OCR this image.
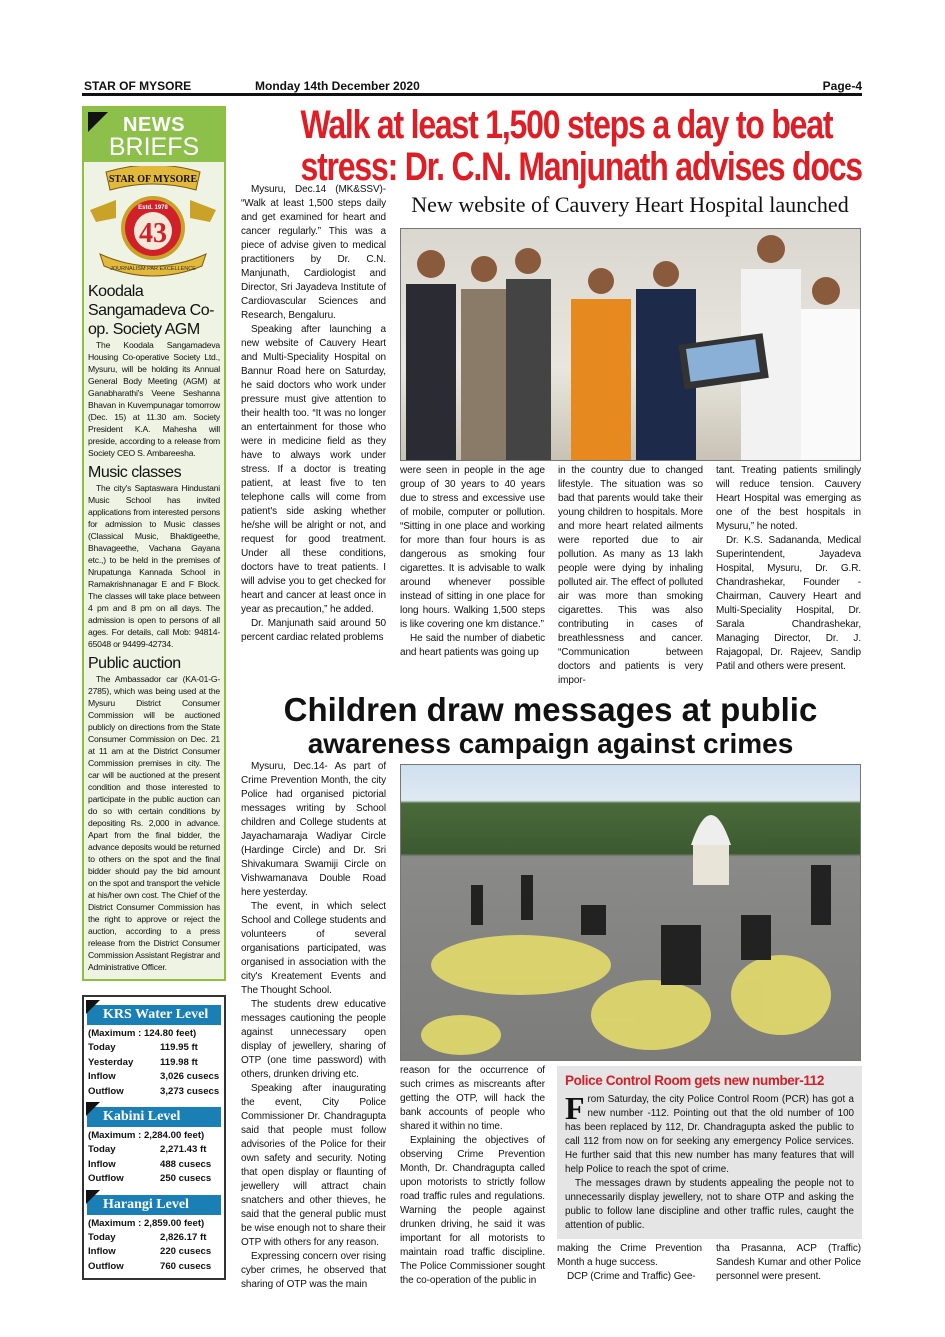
STAR OF MYSORE	Monday 14th December 2020	Page-4
NEWS
BRIEFS
STAR OF MYSORE
Estd. 1978
43
JOURNALISM PAR EXCELLENCE
Koodala Sangamadeva Co-op. Society AGM

The Koodala Sangamadeva Housing Co-operative Society Ltd., Mysuru, will be holding its Annual General Body Meeting (AGM) at Ganabharathi's Veene Seshanna Bhavan in Kuvempunagar tomorrow (Dec. 15) at 11.30 am. Society President K.A. Mahesha will preside, according to a release from Society CEO S. Ambareesha.

Music classes

The city's Saptaswara Hindustani Music School has invited applications from interested persons for admission to Music classes (Classical Music, Bhaktigeethe, Bhavageethe, Vachana Gayana etc.,) to be held in the premises of Nrupatunga Kannada School in Ramakrishnanagar E and F Block. The classes will take place between 4 pm and 8 pm on all days. The admission is open to persons of all ages. For details, call Mob: 94814-65048 or 94499-42734.

Public auction

The Ambassador car (KA-01-G-2785), which was being used at the Mysuru District Consumer Commission will be auctioned publicly on directions from the State Consumer Commission on Dec. 21 at 11 am at the District Consumer Commission premises in city. The car will be auctioned at the present condition and those interested to participate in the public auction can do so with certain conditions by depositing Rs. 2,000 in advance. Apart from the final bidder, the advance deposits would be returned to others on the spot and the final bidder should pay the bid amount on the spot and transport the vehicle at his/her own cost. The Chief of the District Consumer Commission has the right to approve or reject the auction, according to a press release from the District Consumer Commission Assistant Registrar and Administrative Officer.

KRS Water Level
(Maximum : 124.80 feet)
Today	119.95 ft
Yesterday	119.98 ft
Inflow	3,026 cusecs
Outflow	3,273 cusecs
Kabini Level
(Maximum : 2,284.00 feet)
Today	2,271.43 ft
Inflow	488 cusecs
Outflow	250 cusecs
Harangi Level
(Maximum : 2,859.00 feet)
Today	2,826.17 ft
Inflow	220 cusecs
Outflow	760 cusecs
Walk at least 1,500 steps a day to beat
stress: Dr. C.N. Manjunath advises docs

Mysuru, Dec.14 (MK&SSV)- “Walk at least 1,500 steps daily and get examined for heart and cancer regularly.” This was a piece of advise given to medical practitioners by Dr. C.N. Manjunath, Cardiologist and Director, Sri Jayadeva Institute of Cardiovascular Sciences and Research, Bengaluru.

Speaking after launching a new website of Cauvery Heart and Multi-Speciality Hospital on Bannur Road here on Saturday, he said doctors who work under pressure must give attention to their health too. “It was no longer an entertainment for those who were in medicine field as they have to always work under stress. If a doctor is treating patient, at least five to ten telephone calls will come from patient's side asking whether he/she will be alright or not, and request for good treatment. Under all these conditions, doctors have to treat patients. I will advise you to get checked for heart and cancer at least once in year as precaution,” he added.

Dr. Manjunath said around 50 percent cardiac related problems

New website of Cauvery Heart Hospital launched

were seen in people in the age group of 30 years to 40 years due to stress and excessive use of mobile, computer or pollution. “Sitting in one place and working for more than four hours is as dangerous as smoking four cigarettes. It is advisable to walk around whenever possible instead of sitting in one place for long hours. Walking 1,500 steps is like covering one km distance.”

He said the number of diabetic and heart patients was going up

in the country due to changed lifestyle. The situation was so bad that parents would take their young children to hospitals. More and more heart related ailments were reported due to air pollution. As many as 13 lakh people were dying by inhaling polluted air. The effect of polluted air was more than smoking cigarettes. This was also contributing in cases of breathlessness and cancer. “Communication between doctors and patients is very impor-

tant. Treating patients smilingly will reduce tension. Cauvery Heart Hospital was emerging as one of the best hospitals in Mysuru,” he noted.

Dr. K.S. Sadananda, Medical Superintendent, Jayadeva Hospital, Mysuru, Dr. G.R. Chandrashekar, Founder - Chairman, Cauvery Heart and Multi-Speciality Hospital, Dr. Sarala Chandrashekar, Managing Director, Dr. J. Rajagopal, Dr. Rajeev, Sandip Patil and others were present.

Children draw messages at public
awareness campaign against crimes

Mysuru, Dec.14- As part of Crime Prevention Month, the city Police had organised pictorial messages writing by School children and College students at Jayachamaraja Wadiyar Circle (Hardinge Circle) and Dr. Sri Shivakumara Swamiji Circle on Vishwamanava Double Road here yesterday.

The event, in which select School and College students and volunteers of several organisations participated, was organised in association with the city's Kreatement Events and The Thought School.

The students drew educative messages cautioning the people against unnecessary open display of jewellery, sharing of OTP (one time password) with others, drunken driving etc.

Speaking after inaugurating the event, City Police Commissioner Dr. Chandragupta said that people must follow advisories of the Police for their own safety and security. Noting that open display or flaunting of jewellery will attract chain snatchers and other thieves, he said that the general public must be wise enough not to share their OTP with others for any reason.

Expressing concern over rising cyber crimes, he observed that sharing of OTP was the main

reason for the occurrence of such crimes as miscreants after getting the OTP, will hack the bank accounts of people who shared it within no time.

Explaining the objectives of observing Crime Prevention Month, Dr. Chandragupta called upon motorists to strictly follow road traffic rules and regulations. Warning the people against drunken driving, he said it was important for all motorists to maintain road traffic discipline. The Police Commissioner sought the co-operation of the public in

Police Control Room gets new number-112

From Saturday, the city Police Control Room (PCR) has got a new number -112. Pointing out that the old number of 100 has been replaced by 112, Dr. Chandragupta asked the public to call 112 from now on for seeking any emergency Police services. He further said that this new number has many features that will help Police to reach the spot of crime.

The messages drawn by students appealing the people not to unnecessarily display jewellery, not to share OTP and asking the public to follow lane discipline and other traffic rules, caught the attention of public.

making the Crime Prevention Month a huge success.

DCP (Crime and Traffic) Gee-

tha Prasanna, ACP (Traffic) Sandesh Kumar and other Police personnel were present.
